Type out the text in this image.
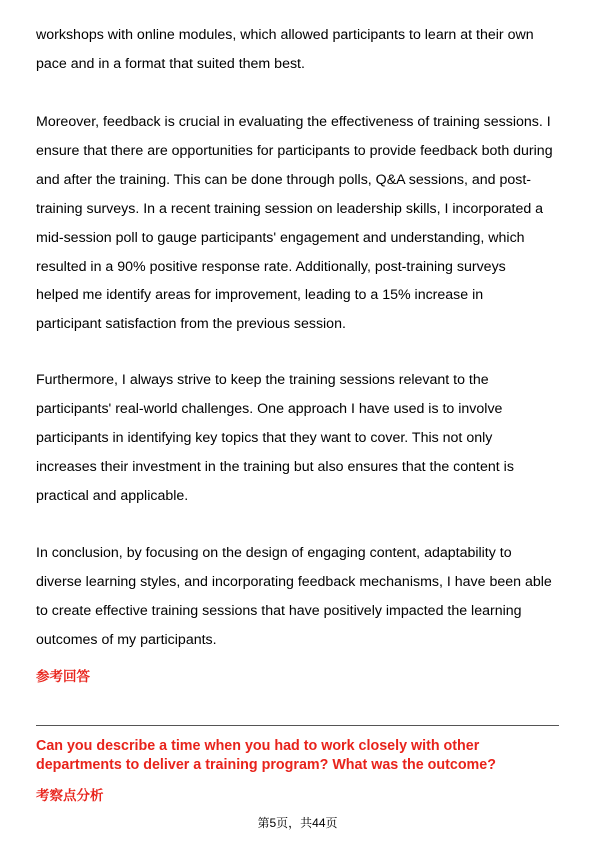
workshops with online modules, which allowed participants to learn at their own
pace and in a format that suited them best.
Moreover, feedback is crucial in evaluating the effectiveness of training sessions. I
ensure that there are opportunities for participants to provide feedback both during
and after the training. This can be done through polls, Q&A sessions, and post-
training surveys. In a recent training session on leadership skills, I incorporated a
mid-session poll to gauge participants' engagement and understanding, which
resulted in a 90% positive response rate. Additionally, post-training surveys
helped me identify areas for improvement, leading to a 15% increase in
participant satisfaction from the previous session.
Furthermore, I always strive to keep the training sessions relevant to the
participants' real-world challenges. One approach I have used is to involve
participants in identifying key topics that they want to cover. This not only
increases their investment in the training but also ensures that the content is
practical and applicable.
In conclusion, by focusing on the design of engaging content, adaptability to
diverse learning styles, and incorporating feedback mechanisms, I have been able
to create effective training sessions that have positively impacted the learning
outcomes of my participants.
参考回答
Can you describe a time when you had to work closely with other
departments to deliver a training program? What was the outcome?
考察点分析
第5页，共44页
